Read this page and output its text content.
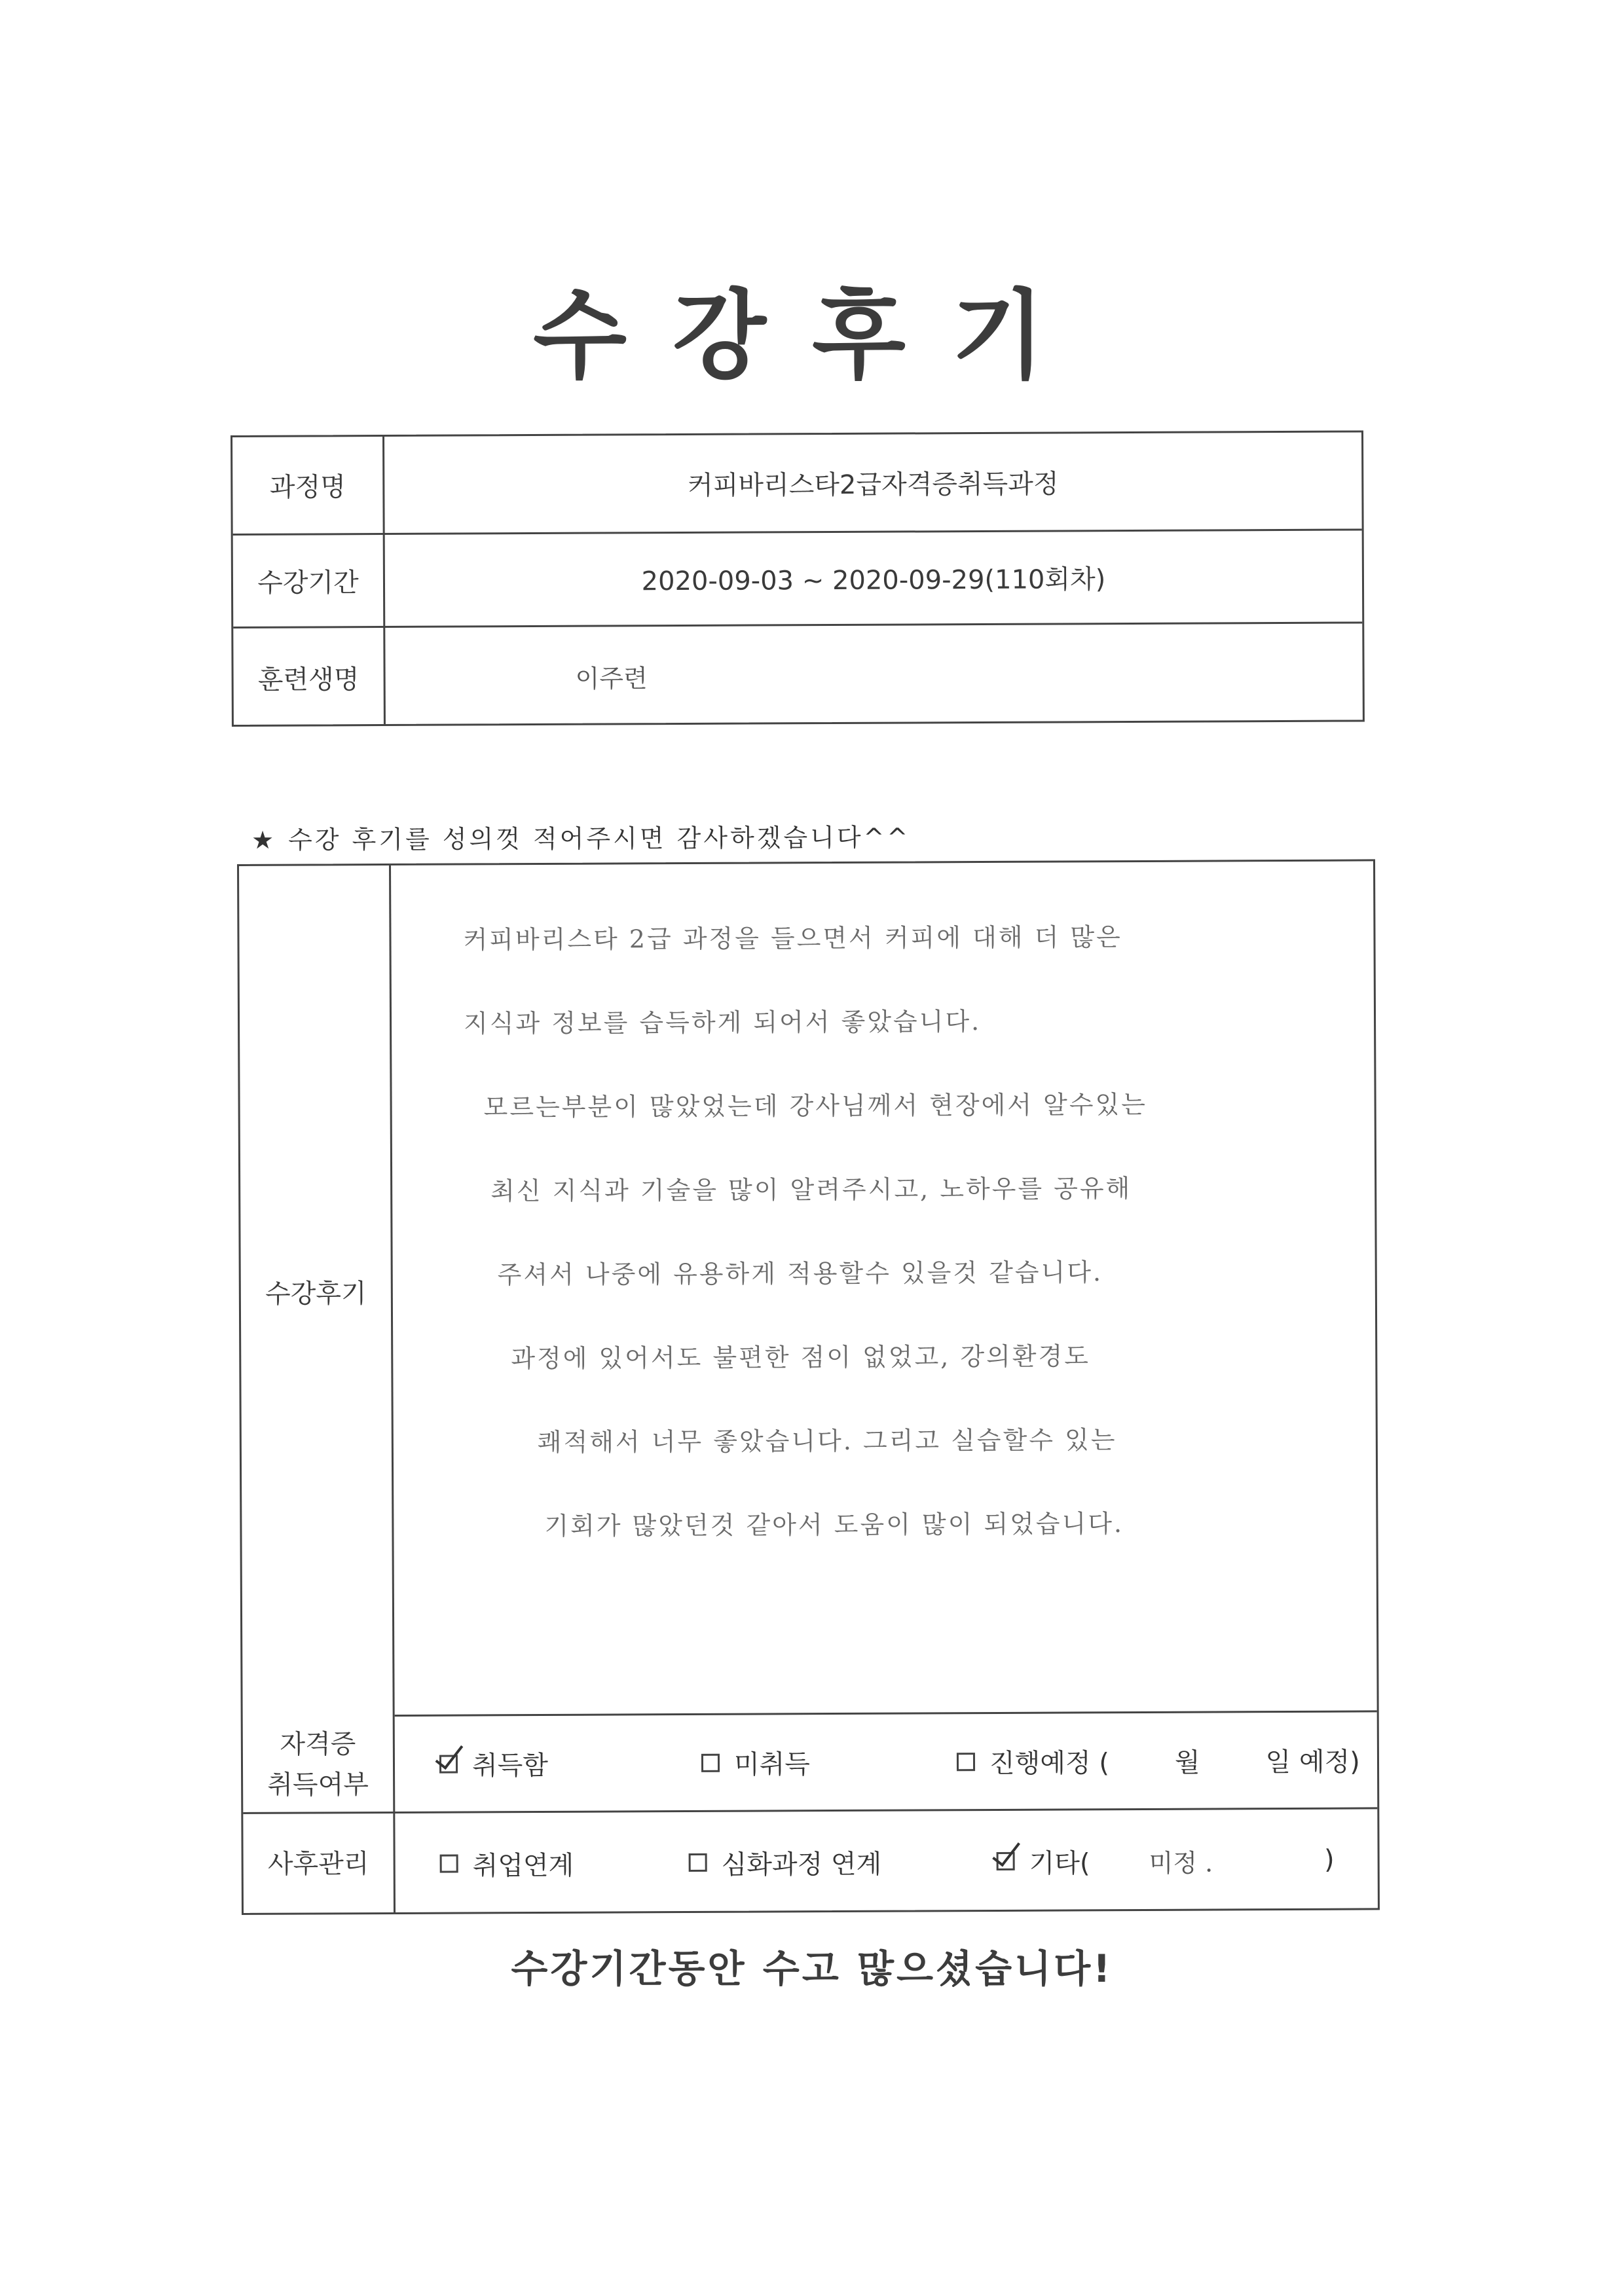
수강후기
과정명	커피바리스타2급자격증취득과정
수강기간	2020-09-03 ~ 2020-09-29(110회차)
훈련생명	이주련
★ 수강 후기를 성의껏 적어주시면 감사하겠습니다^^
수강후기
커피바리스타 2급 과정을 들으면서 커피에 대해 더 많은
지식과 정보를 습득하게 되어서 좋았습니다.
모르는부분이 많았었는데 강사님께서 현장에서 알수있는
최신 지식과 기술을 많이 알려주시고, 노하우를 공유해
주셔서 나중에 유용하게 적용할수 있을것 같습니다.
과정에 있어서도 불편한 점이 없었고, 강의환경도
쾌적해서 너무 좋았습니다. 그리고 실습할수 있는
기회가 많았던것 같아서 도움이 많이 되었습니다.
자격증
취득여부
취득함	미취득	진행예정 ( 월 일 예정)
사후관리	취업연계	심화과정 연계	기타( 미정 .	)
수강기간동안 수고 많으셨습니다!
